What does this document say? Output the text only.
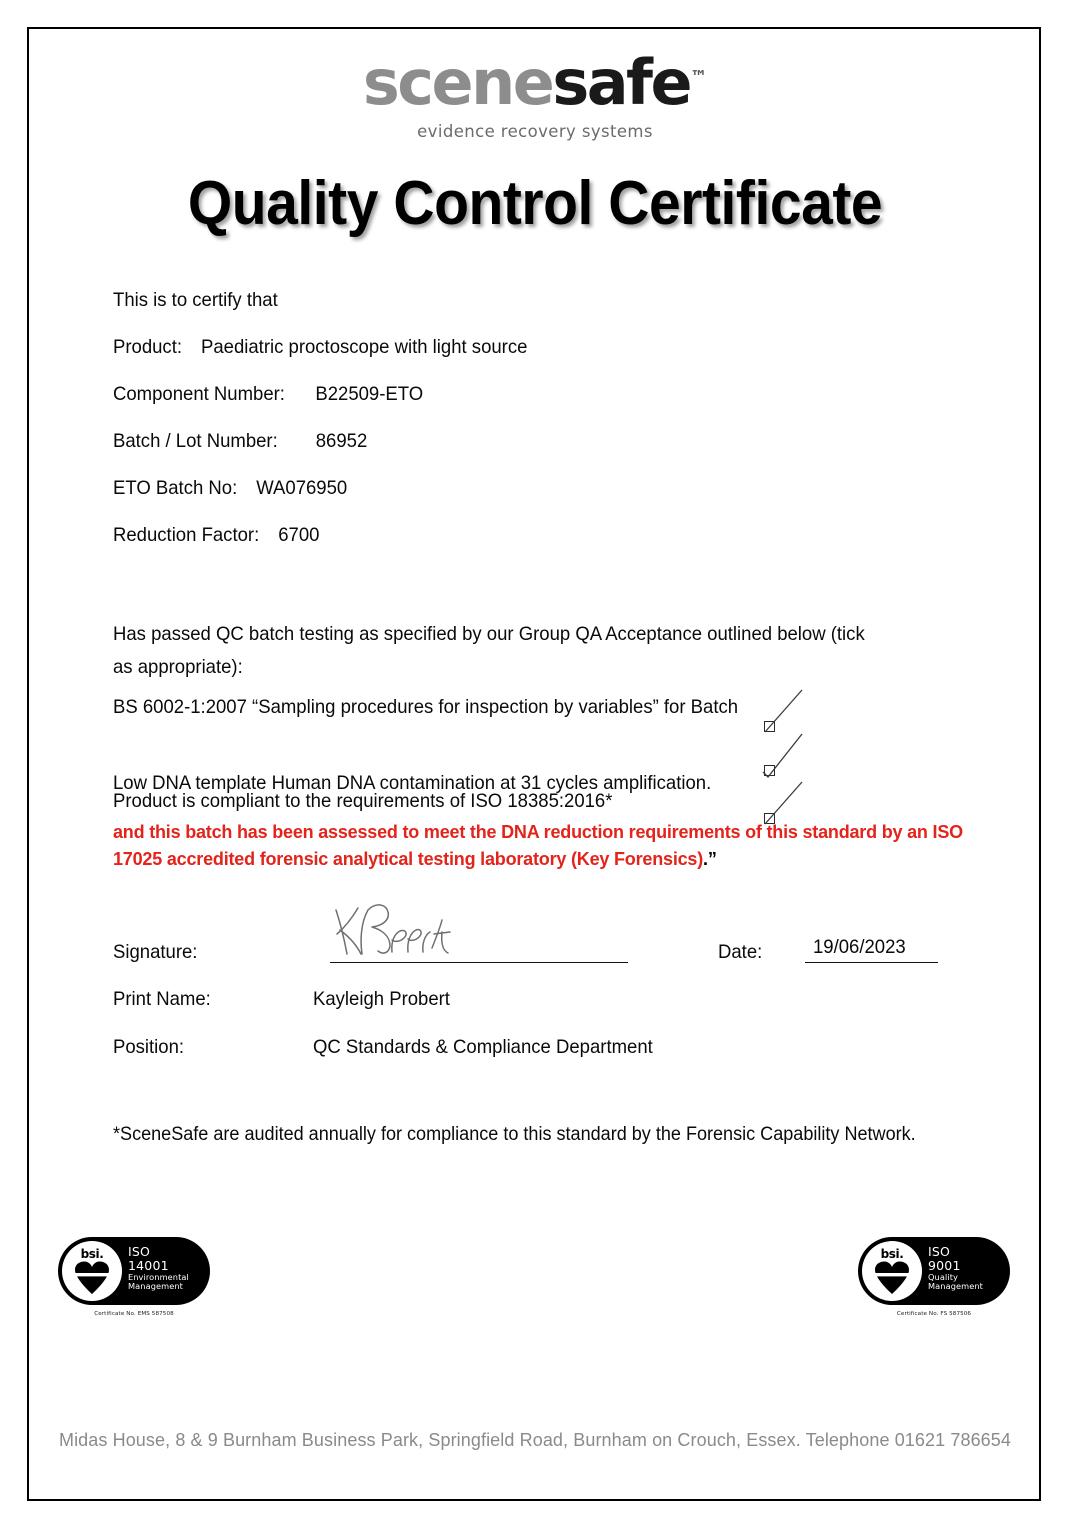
scenesafe™
evidence recovery systems
Quality Control Certificate
This is to certify that
Product: Paediatric proctoscope with light source
Component Number: B22509-ETO
Batch / Lot Number: 86952
ETO Batch No: WA076950
Reduction Factor: 6700
Has passed QC batch testing as specified by our Group QA Acceptance outlined below (tick as appropriate):
BS 6002-1:2007 “Sampling procedures for inspection by variables” for Batch
Low DNA template Human DNA contamination at 31 cycles amplification.
Product is compliant to the requirements of ISO 18385:2016*
and this batch has been assessed to meet the DNA reduction requirements of this standard by an ISO 17025 accredited forensic analytical testing laboratory (Key Forensics).”
Signature:	Date:	19/06/2023
Print Name:	Kayleigh Probert
Position:	QC Standards & Compliance Department
*SceneSafe are audited annually for compliance to this standard by the Forensic Capability Network.
bsi. ISO
14001
Environmental
Management
Certificate No. EMS 587508
bsi. ISO
9001
Quality
Management
Certificate No. FS 587506
Midas House, 8 & 9 Burnham Business Park, Springfield Road, Burnham on Crouch, Essex. Telephone 01621 786654
